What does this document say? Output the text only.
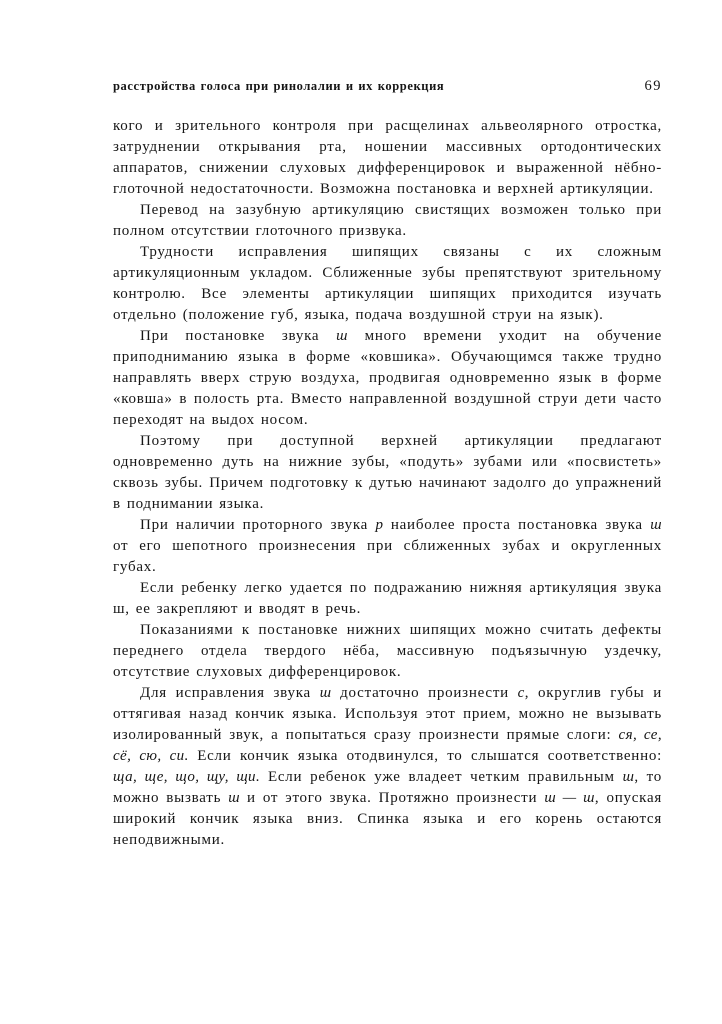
расстройства голоса при ринолалии и их коррекция	69

кого и зрительного контроля при расщелинах альвеолярного отростка, затруднении открывания рта, ношении массивных ортодонтических аппаратов, снижении слуховых дифференцировок и выраженной нёбно-глоточной недостаточности. Возможна постановка и верхней артикуляции.

Перевод на зазубную артикуляцию свистящих возможен только при полном отсутствии глоточного призвука.

Трудности исправления шипящих связаны с их сложным артикуляционным укладом. Сближенные зубы препятствуют зрительному контролю. Все элементы артикуляции шипящих приходится изучать отдельно (положение губ, языка, подача воздушной струи на язык).

При постановке звука ш много времени уходит на обучение приподниманию языка в форме «ковшика». Обучающимся также трудно направлять вверх струю воздуха, продвигая одновременно язык в форме «ковша» в полость рта. Вместо направленной воздушной струи дети часто переходят на выдох носом.

Поэтому при доступной верхней артикуляции предлагают одновременно дуть на нижние зубы, «подуть» зубами или «посвистеть» сквозь зубы. Причем подготовку к дутью начинают задолго до упражнений в поднимании языка.

При наличии проторного звука р наиболее проста постановка звука ш от его шепотного произнесения при сближенных зубах и округленных губах.

Если ребенку легко удается по подражанию нижняя артикуляция звука ш, ее закрепляют и вводят в речь.

Показаниями к постановке нижних шипящих можно считать дефекты переднего отдела твердого нёба, массивную подъязычную уздечку, отсутствие слуховых дифференцировок.

Для исправления звука ш достаточно произнести с, округлив губы и оттягивая назад кончик языка. Используя этот прием, можно не вызывать изолированный звук, а попытаться сразу произнести прямые слоги: ся, се, сё, сю, си. Если кончик языка отодвинулся, то слышатся соответственно: ща, ще, що, щу, щи. Если ребенок уже владеет четким правильным ш, то можно вызвать ш и от этого звука. Протяжно произнести ш — ш, опуская широкий кончик языка вниз. Спинка языка и его корень остаются неподвижными.
